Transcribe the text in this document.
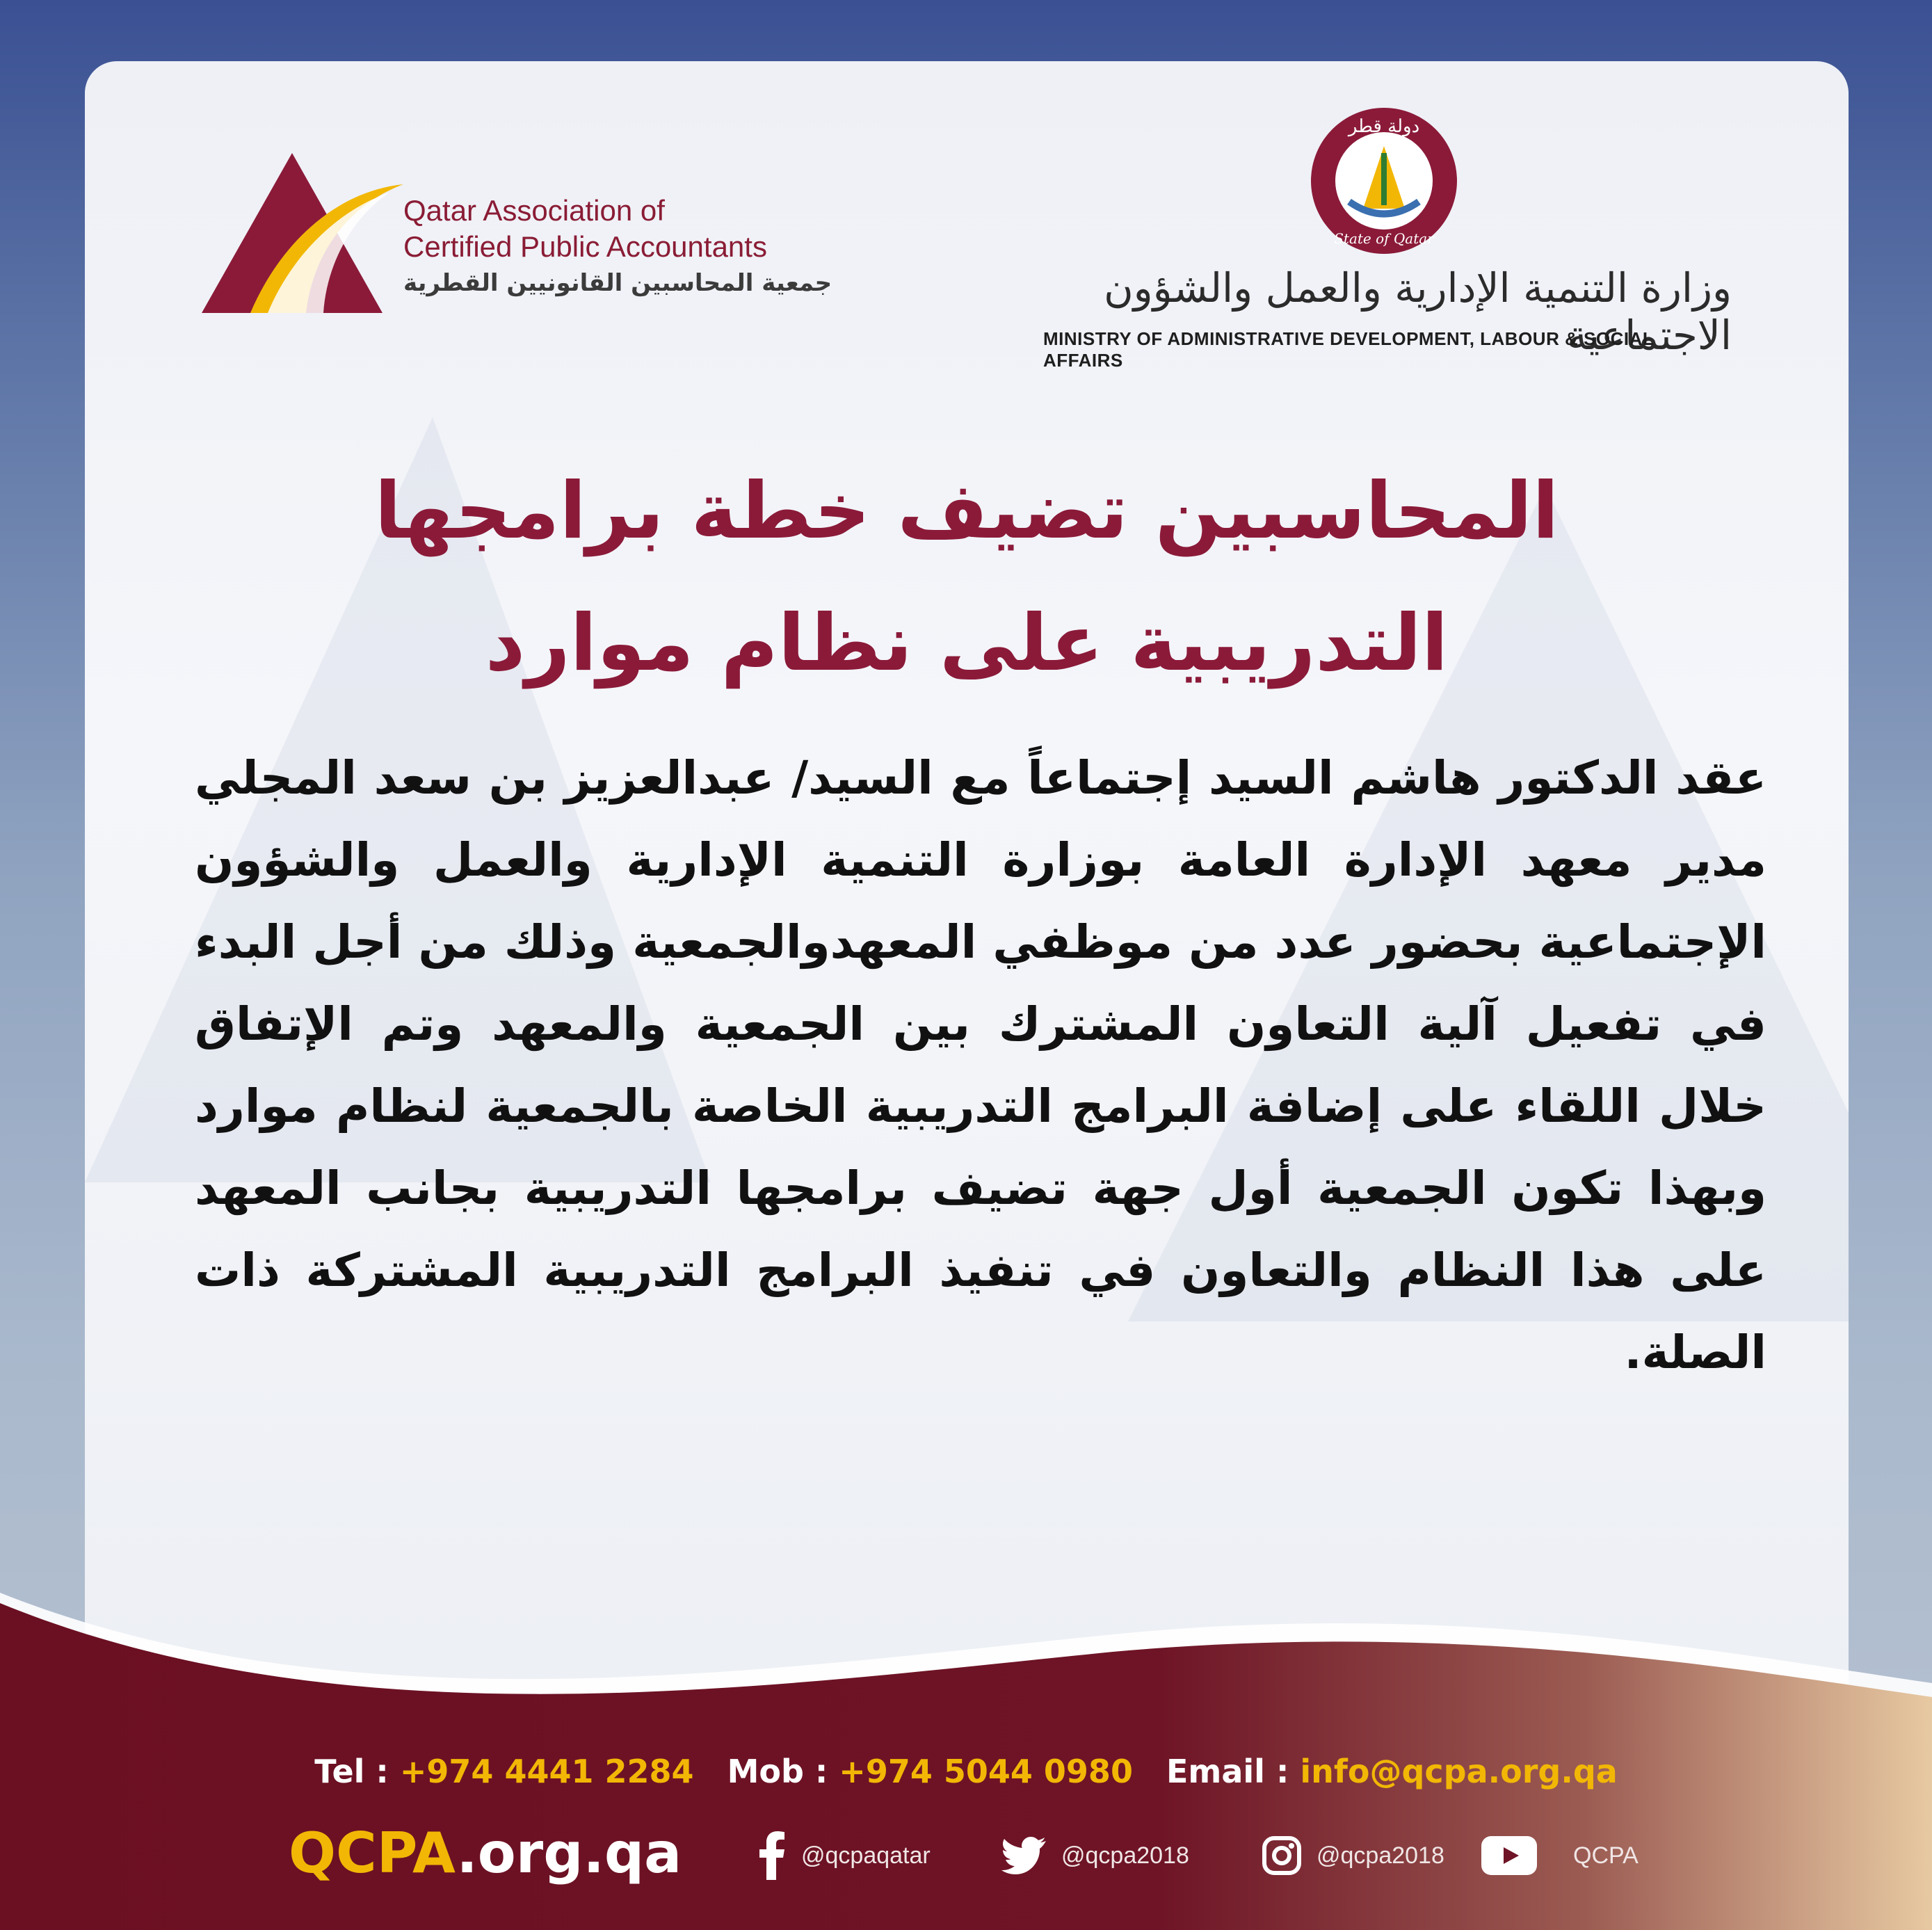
Qatar Association of
Certified Public Accountants
جمعية المحاسبين القانونيين القطرية
دولة قطر
State of Qatar
وزارة التنمية الإدارية والعمل والشؤون الاجتماعية
MINISTRY OF ADMINISTRATIVE DEVELOPMENT, LABOUR & SOCIAL AFFAIRS
المحاسبين تضيف خطة برامجها
التدريبية على نظام موارد
عقد الدكتور هاشم السيد إجتماعاً مع السيد/ عبدالعزيز بن سعد المجلي مدير معهد الإدارة العامة بوزارة التنمية الإدارية والعمل والشؤون الإجتماعية بحضور عدد من موظفي المعهدوالجمعية وذلك من أجل البدء في تفعيل آلية التعاون المشترك بين الجمعية والمعهد وتم الإتفاق خلال اللقاء على إضافة البرامج التدريبية الخاصة بالجمعية لنظام موارد وبهذا تكون الجمعية أول جهة تضيف برامجها التدريبية بجانب المعهد على هذا النظام والتعاون في تنفيذ البرامج التدريبية المشتركة ذات الصلة.
Tel : +974 4441 2284 Mob : +974 5044 0980 Email : info@qcpa.org.qa
QCPA.org.qa	@qcpaqatar	@qcpa2018	@qcpa2018	QCPA
